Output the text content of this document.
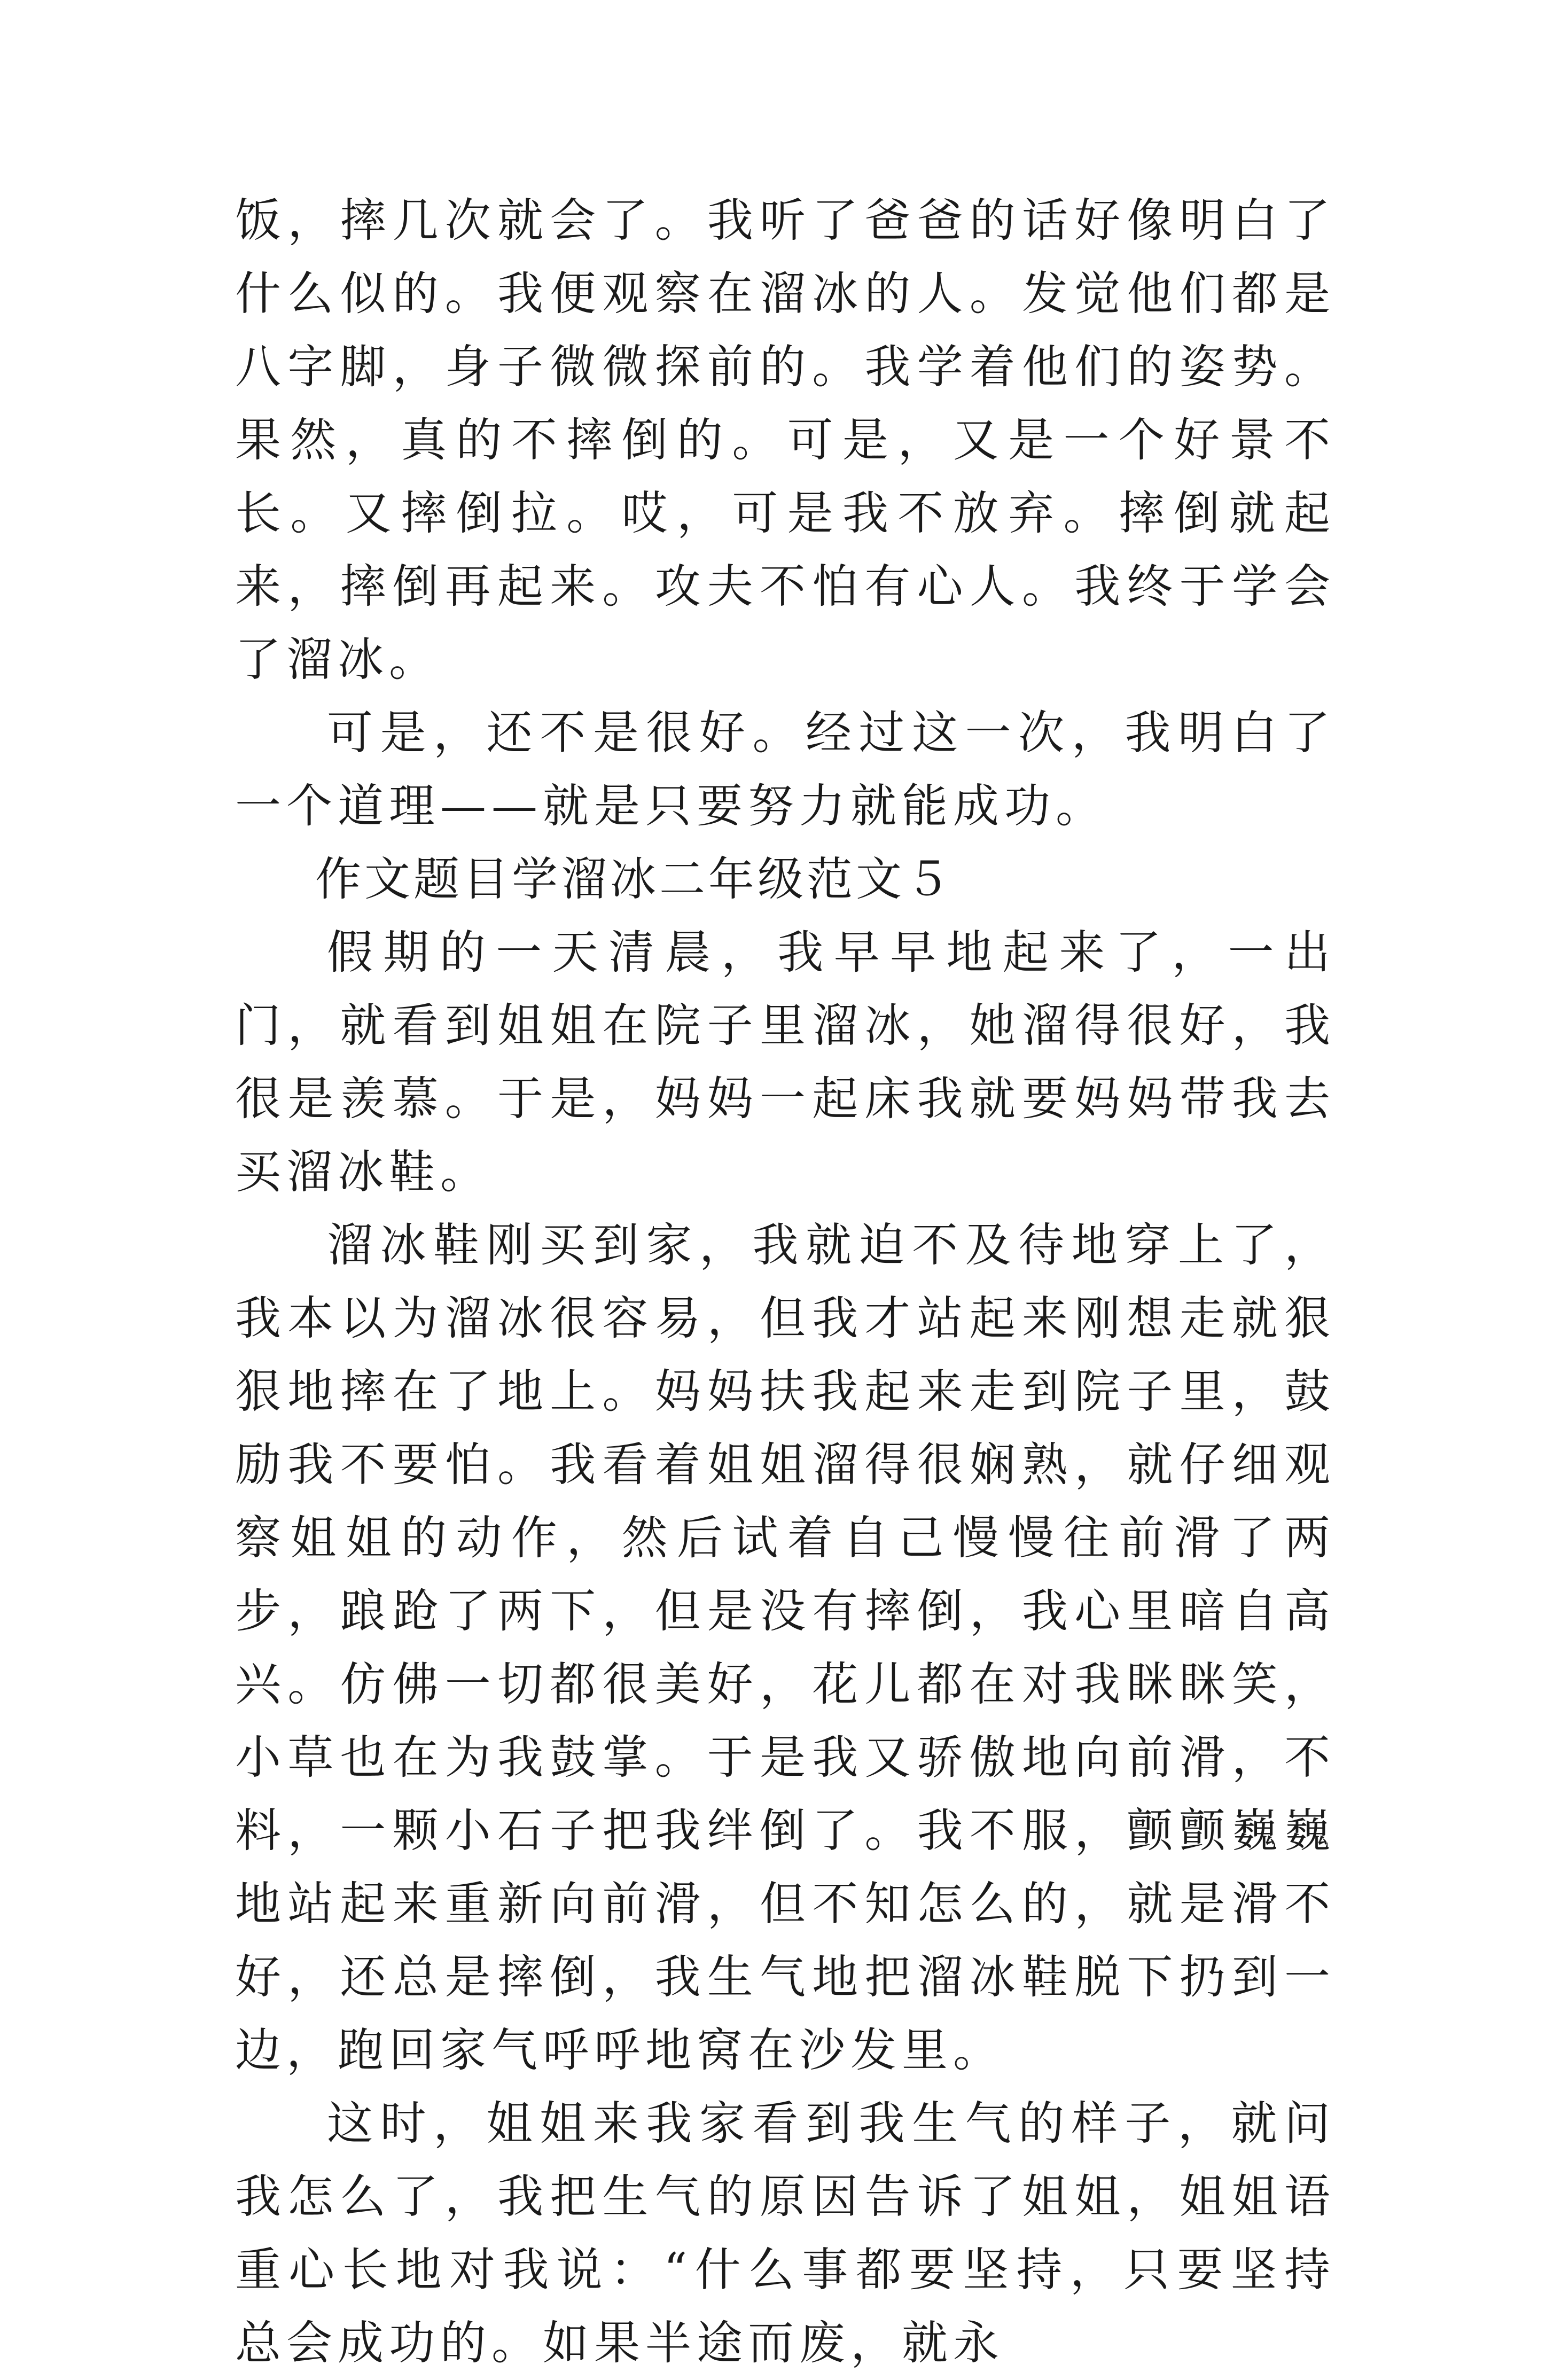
饭，摔几次就会了。我听了爸爸的话好像明白了什么似的。我便观察在溜冰的人。发觉他们都是八字脚，身子微微探前的。我学着他们的姿势。果然，真的不摔倒的。可是，又是一个好景不长。又摔倒拉。哎，可是我不放弃。摔倒就起来，摔倒再起来。攻夫不怕有心人。我终于学会了溜冰。

可是，还不是很好。经过这一次，我明白了一个道理——就是只要努力就能成功。

作文题目学溜冰二年级范文５

假期的一天清晨，我早早地起来了，一出门，就看到姐姐在院子里溜冰，她溜得很好，我很是羡慕。于是，妈妈一起床我就要妈妈带我去买溜冰鞋。

溜冰鞋刚买到家，我就迫不及待地穿上了，我本以为溜冰很容易，但我才站起来刚想走就狠狠地摔在了地上。妈妈扶我起来走到院子里，鼓励我不要怕。我看着姐姐溜得很娴熟，就仔细观察姐姐的动作，然后试着自己慢慢往前滑了两步，踉跄了两下，但是没有摔倒，我心里暗自高兴。仿佛一切都很美好，花儿都在对我眯眯笑，小草也在为我鼓掌。于是我又骄傲地向前滑，不料，一颗小石子把我绊倒了。我不服，颤颤巍巍地站起来重新向前滑，但不知怎么的，就是滑不好，还总是摔倒，我生气地把溜冰鞋脱下扔到一边，跑回家气呼呼地窝在沙发里。

这时，姐姐来我家看到我生气的样子，就问我怎么了，我把生气的原因告诉了姐姐，姐姐语重心长地对我说：“什么事都要坚持，只要坚持总会成功的。如果半途而废，就永
